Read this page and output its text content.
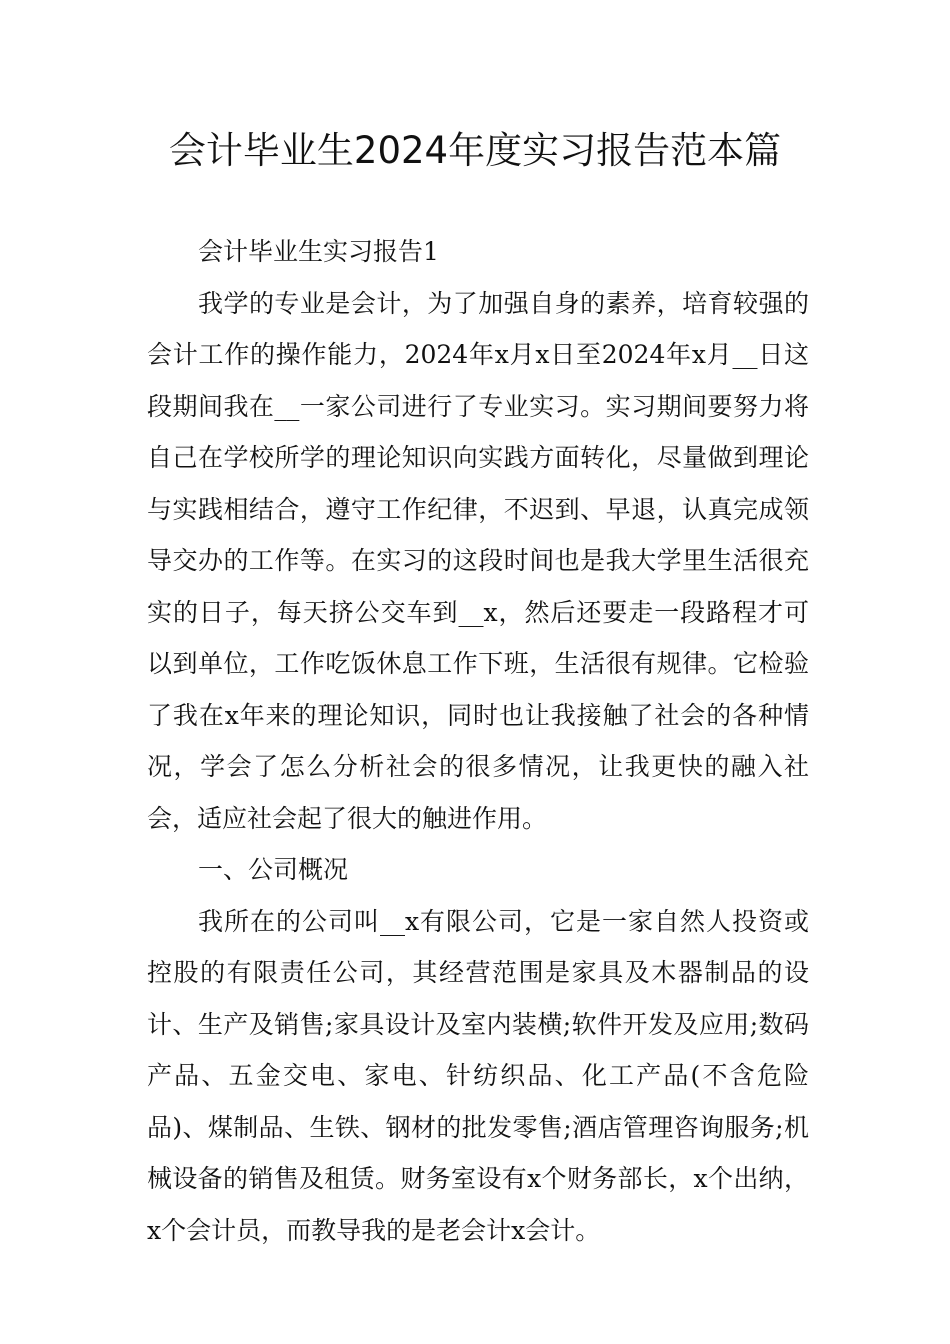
会计毕业生2024年度实习报告范本篇

会计毕业生实习报告1

我学的专业是会计，为了加强自身的素养，培育较强的会计工作的操作能力，2024年x月x日至2024年x月__日这段期间我在__一家公司进行了专业实习。实习期间要努力将自己在学校所学的理论知识向实践方面转化，尽量做到理论与实践相结合，遵守工作纪律，不迟到、早退，认真完成领导交办的工作等。在实习的这段时间也是我大学里生活很充实的日子，每天挤公交车到__x，然后还要走一段路程才可以到单位，工作吃饭休息工作下班，生活很有规律。它检验了我在x年来的理论知识，同时也让我接触了社会的各种情况，学会了怎么分析社会的很多情况，让我更快的融入社会，适应社会起了很大的触进作用。

一、公司概况

我所在的公司叫__x有限公司，它是一家自然人投资或控股的有限责任公司，其经营范围是家具及木器制品的设计、生产及销售;家具设计及室内装横;软件开发及应用;数码产品、五金交电、家电、针纺织品、化工产品(不含危险品)、煤制品、生铁、钢材的批发零售;酒店管理咨询服务;机械设备的销售及租赁。财务室设有x个财务部长，x个出纳，x个会计员，而教导我的是老会计x会计。
